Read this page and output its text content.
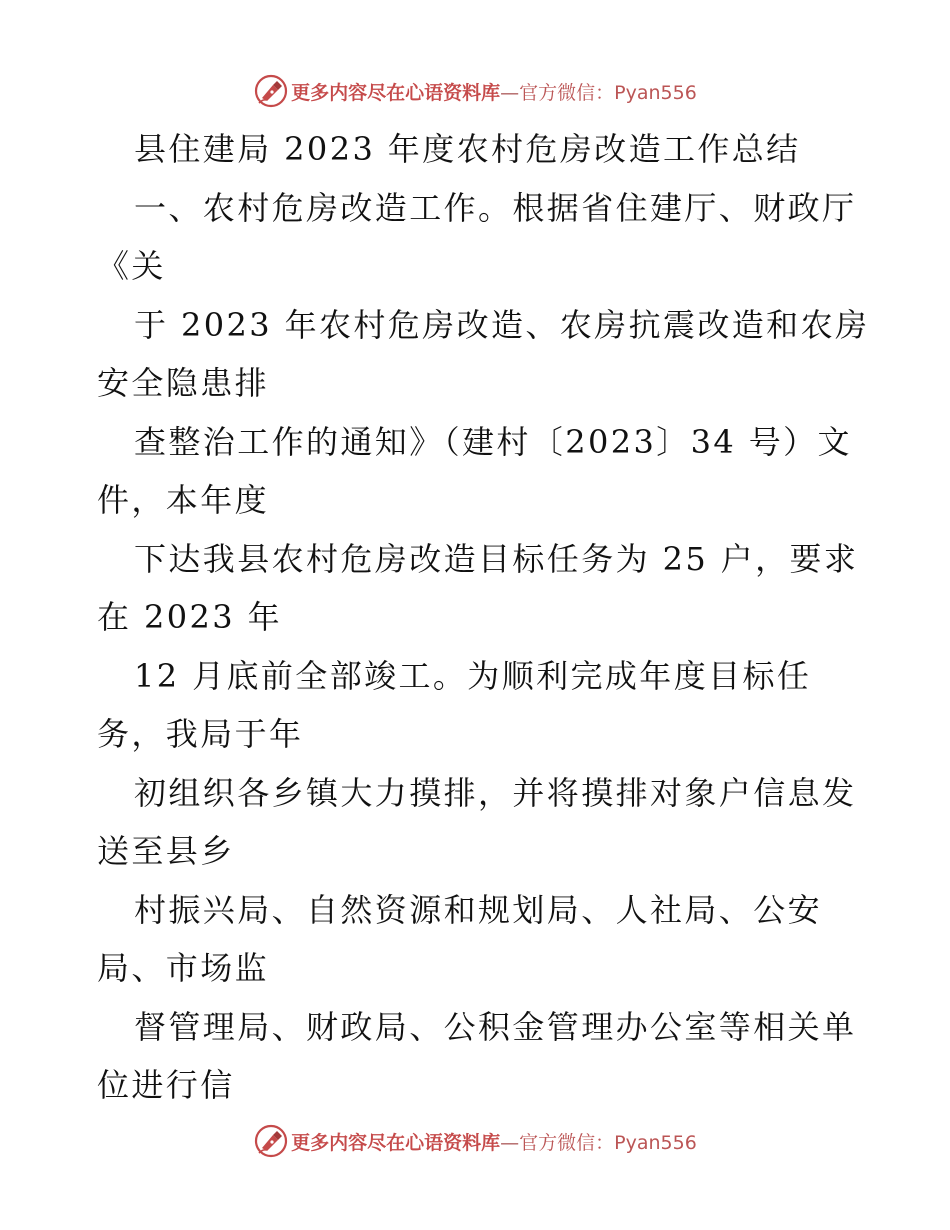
更多内容尽在心语资料库—官方微信：Pyan556
县住建局 2023 年度农村危房改造工作总结
一、农村危房改造工作。根据省住建厅、财政厅
《关
于 2023 年农村危房改造、农房抗震改造和农房
安全隐患排
查整治工作的通知》（建村〔2023〕34 号）文
件，本年度
下达我县农村危房改造目标任务为 25 户，要求
在 2023 年
12 月底前全部竣工。为顺利完成年度目标任
务，我局于年
初组织各乡镇大力摸排，并将摸排对象户信息发
送至县乡
村振兴局、自然资源和规划局、人社局、公安
局、市场监
督管理局、财政局、公积金管理办公室等相关单
位进行信
更多内容尽在心语资料库—官方微信：Pyan556
